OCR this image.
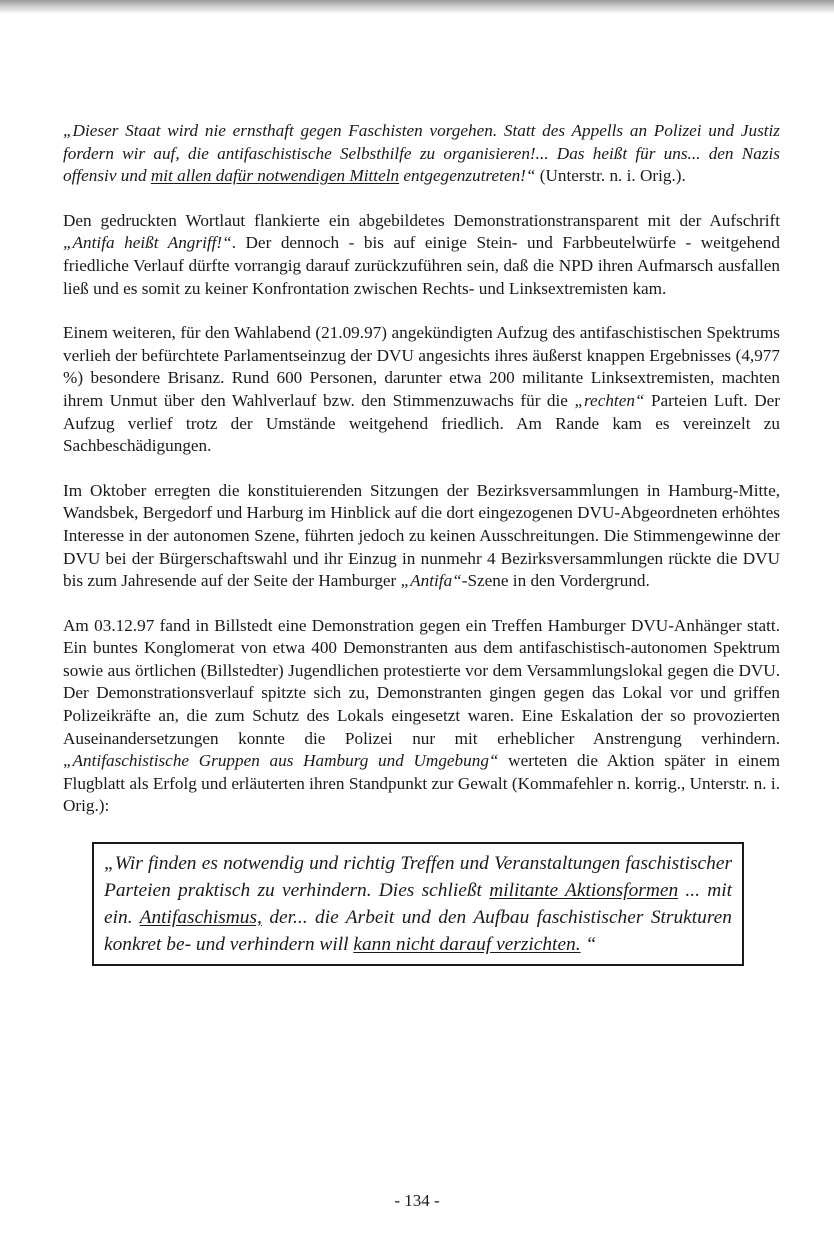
„Dieser Staat wird nie ernsthaft gegen Faschisten vorgehen. Statt des Appells an Polizei und Justiz fordern wir auf, die antifaschistische Selbsthilfe zu organisieren!... Das heißt für uns... den Nazis offensiv und mit allen dafür notwendigen Mitteln entgegenzutreten!“ (Unterstr. n. i. Orig.).

Den gedruckten Wortlaut flankierte ein abgebildetes Demonstrationstransparent mit der Aufschrift „Antifa heißt Angriff!“. Der dennoch - bis auf einige Stein- und Farbbeutelwürfe - weitgehend friedliche Verlauf dürfte vorrangig darauf zurückzuführen sein, daß die NPD ihren Aufmarsch ausfallen ließ und es somit zu keiner Konfrontation zwischen Rechts- und Linksextremisten kam.

Einem weiteren, für den Wahlabend (21.09.97) angekündigten Aufzug des antifaschistischen Spektrums verlieh der befürchtete Parlamentseinzug der DVU angesichts ihres äußerst knappen Ergebnisses (4,977 %) besondere Brisanz. Rund 600 Personen, darunter etwa 200 militante Linksextremisten, machten ihrem Unmut über den Wahlverlauf bzw. den Stimmenzuwachs für die „rechten“ Parteien Luft. Der Aufzug verlief trotz der Umstände weitgehend friedlich. Am Rande kam es vereinzelt zu Sachbeschädigungen.

Im Oktober erregten die konstituierenden Sitzungen der Bezirksversammlungen in Hamburg-Mitte, Wandsbek, Bergedorf und Harburg im Hinblick auf die dort eingezogenen DVU-Abgeordneten erhöhtes Interesse in der autonomen Szene, führten jedoch zu keinen Ausschreitungen. Die Stimmengewinne der DVU bei der Bürgerschaftswahl und ihr Einzug in nunmehr 4 Bezirksversammlungen rückte die DVU bis zum Jahresende auf der Seite der Hamburger „Antifa“-Szene in den Vordergrund.

Am 03.12.97 fand in Billstedt eine Demonstration gegen ein Treffen Hamburger DVU-Anhänger statt. Ein buntes Konglomerat von etwa 400 Demonstranten aus dem antifaschistisch-autonomen Spektrum sowie aus örtlichen (Billstedter) Jugendlichen protestierte vor dem Versammlungslokal gegen die DVU. Der Demonstrationsverlauf spitzte sich zu, Demonstranten gingen gegen das Lokal vor und griffen Polizeikräfte an, die zum Schutz des Lokals eingesetzt waren. Eine Eskalation der so provozierten Auseinandersetzungen konnte die Polizei nur mit erheblicher Anstrengung verhindern. „Antifaschistische Gruppen aus Hamburg und Umgebung“ werteten die Aktion später in einem Flugblatt als Erfolg und erläuterten ihren Standpunkt zur Gewalt (Kommafehler n. korrig., Unterstr. n. i. Orig.):

„Wir finden es notwendig und richtig Treffen und Veranstaltungen faschistischer Parteien praktisch zu verhindern. Dies schließt militante Aktionsformen ... mit ein. Antifaschismus, der... die Arbeit und den Aufbau faschistischer Strukturen konkret be- und verhindern will kann nicht darauf verzichten. “
- 134 -
